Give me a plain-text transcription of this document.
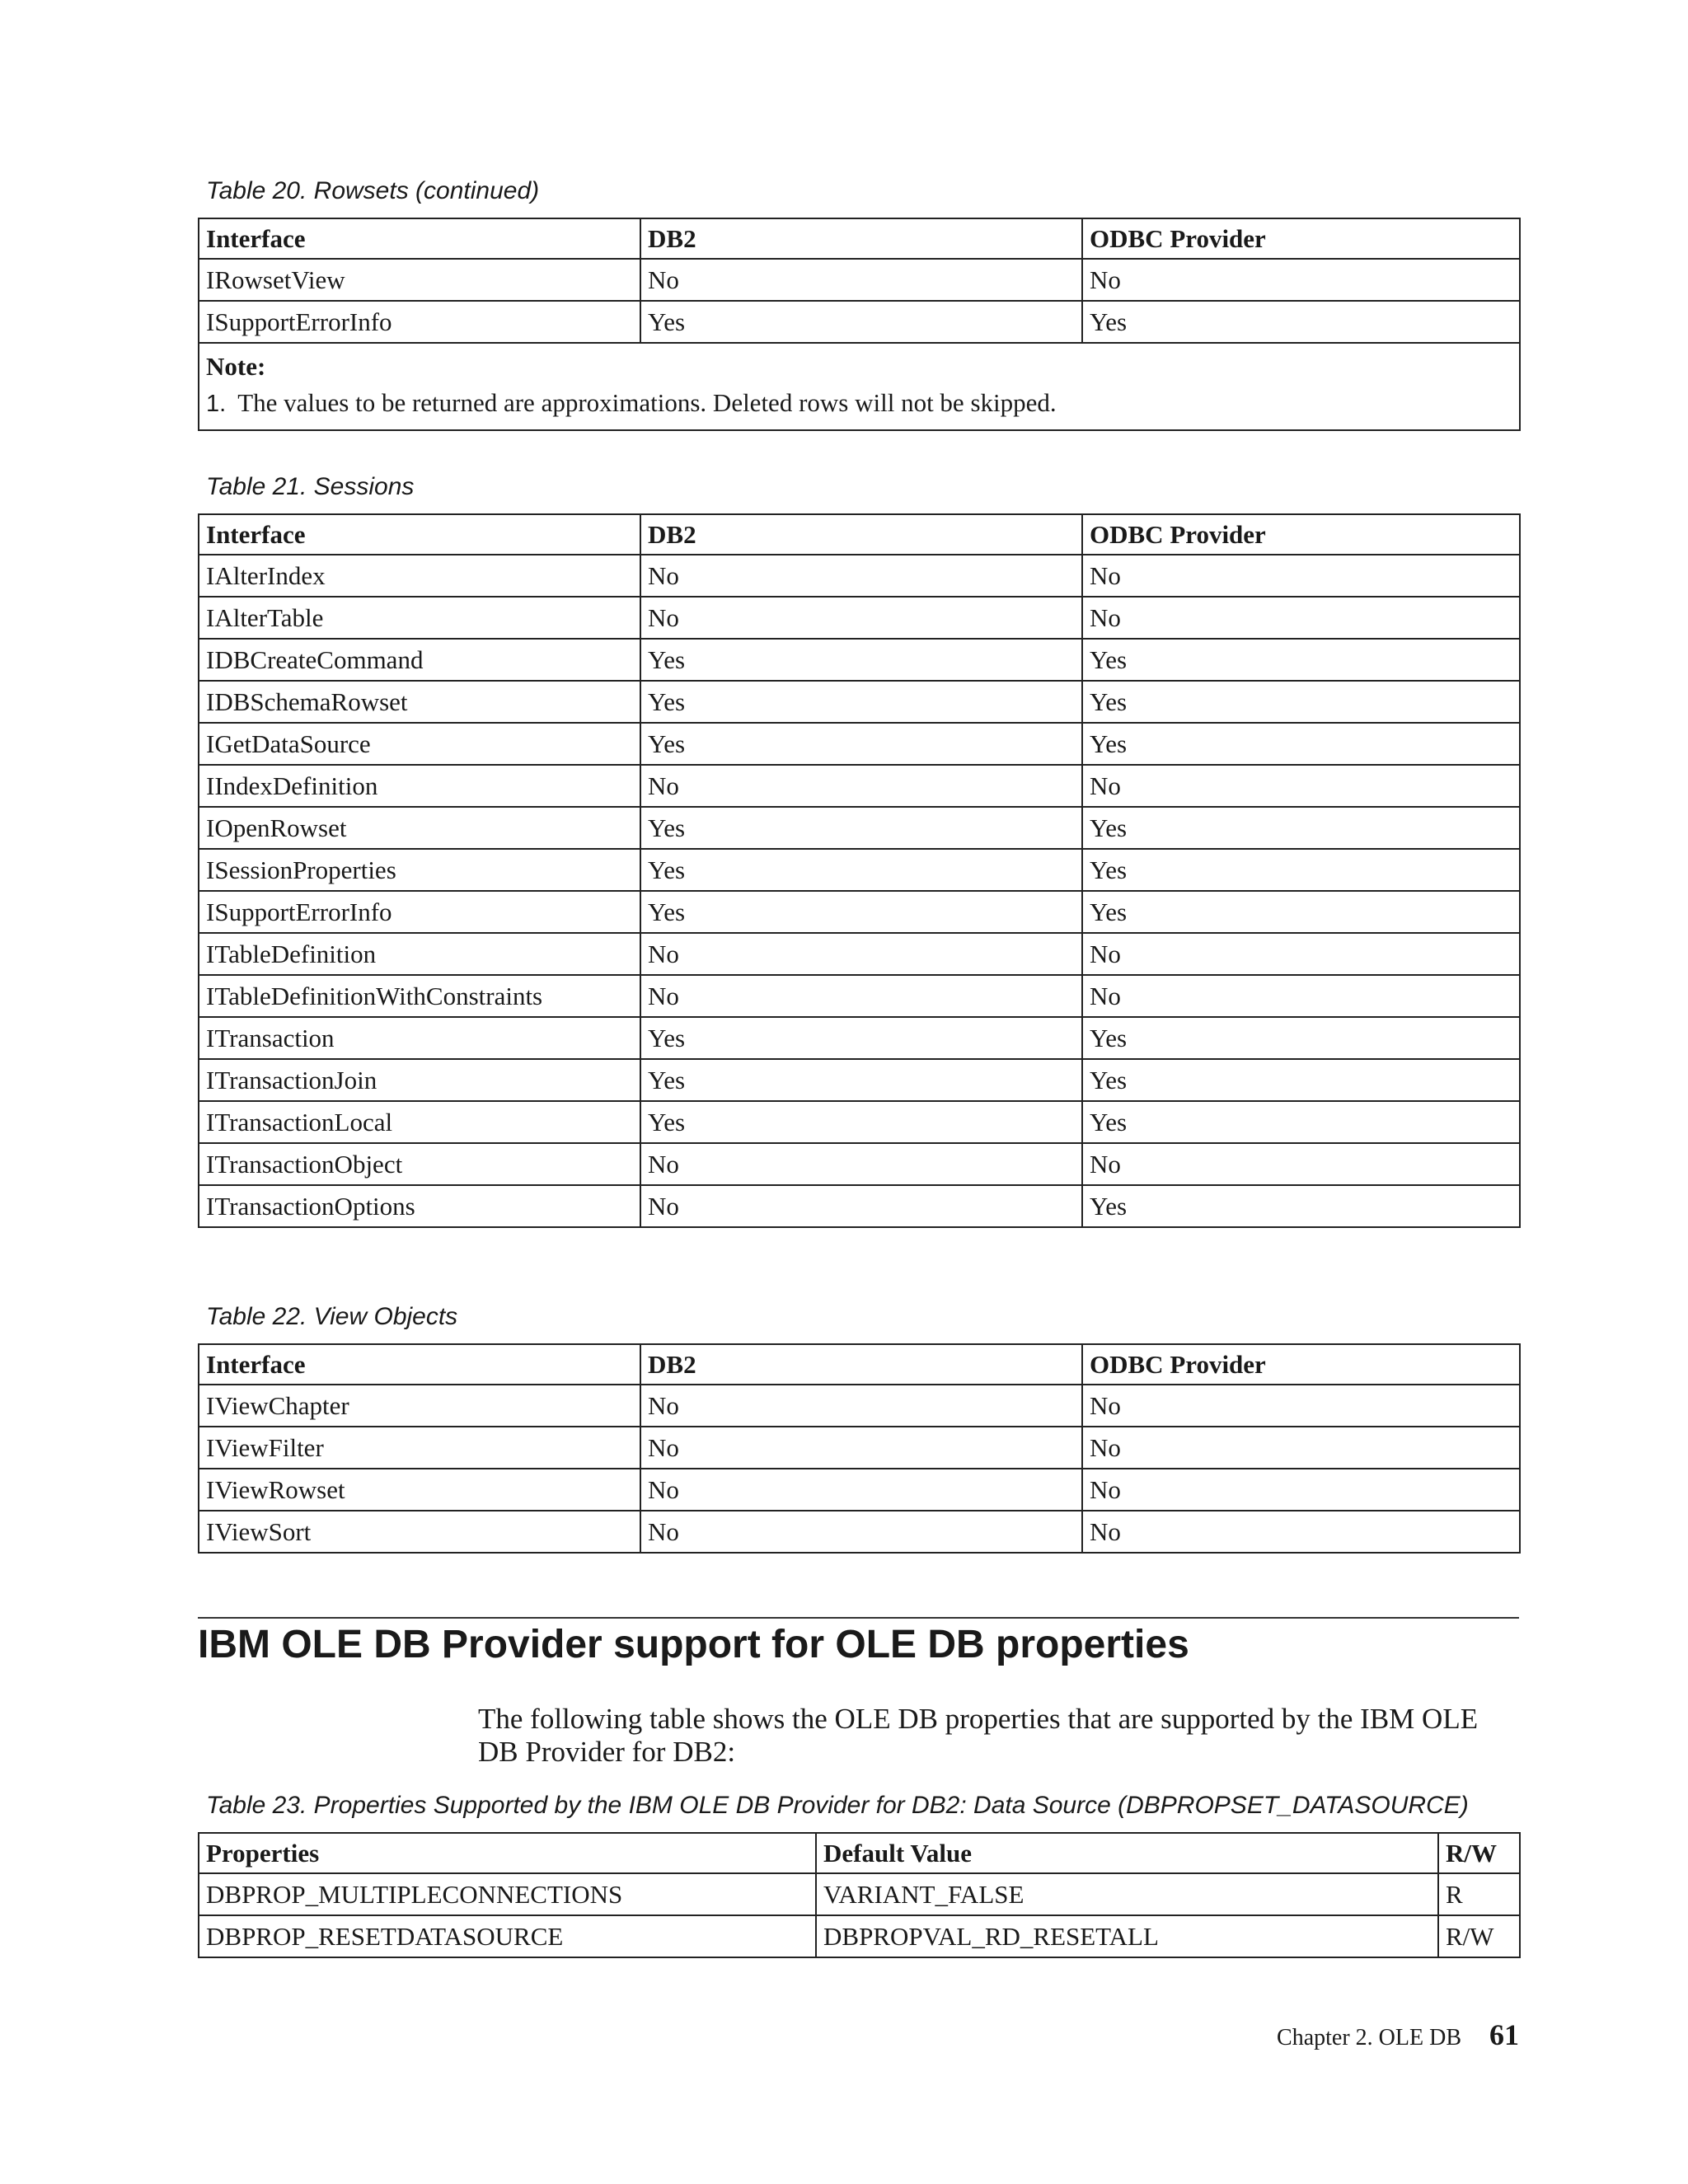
Table 20. Rowsets (continued)
Interface	DB2	ODBC Provider
IRowsetView	No	No
ISupportErrorInfo	Yes	Yes

Note:
1. The values to be returned are approximations. Deleted rows will not be skipped.		
Table 21. Sessions
Interface	DB2	ODBC Provider
IAlterIndex	No	No
IAlterTable	No	No
IDBCreateCommand	Yes	Yes
IDBSchemaRowset	Yes	Yes
IGetDataSource	Yes	Yes
IIndexDefinition	No	No
IOpenRowset	Yes	Yes
ISessionProperties	Yes	Yes
ISupportErrorInfo	Yes	Yes
ITableDefinition	No	No
ITableDefinitionWithConstraints	No	No
ITransaction	Yes	Yes
ITransactionJoin	Yes	Yes
ITransactionLocal	Yes	Yes
ITransactionObject	No	No
ITransactionOptions	No	Yes
Table 22. View Objects
Interface	DB2	ODBC Provider
IViewChapter	No	No
IViewFilter	No	No
IViewRowset	No	No
IViewSort	No	No
IBM OLE DB Provider support for OLE DB properties
The following table shows the OLE DB properties that are supported by the IBM OLE DB Provider for DB2:
Table 23. Properties Supported by the IBM OLE DB Provider for DB2: Data Source (DBPROPSET_DATASOURCE)
Properties	Default Value	R/W
DBPROP_MULTIPLECONNECTIONS	VARIANT_FALSE	R
DBPROP_RESETDATASOURCE	DBPROPVAL_RD_RESETALL	R/W
Chapter 2. OLE DB 61
